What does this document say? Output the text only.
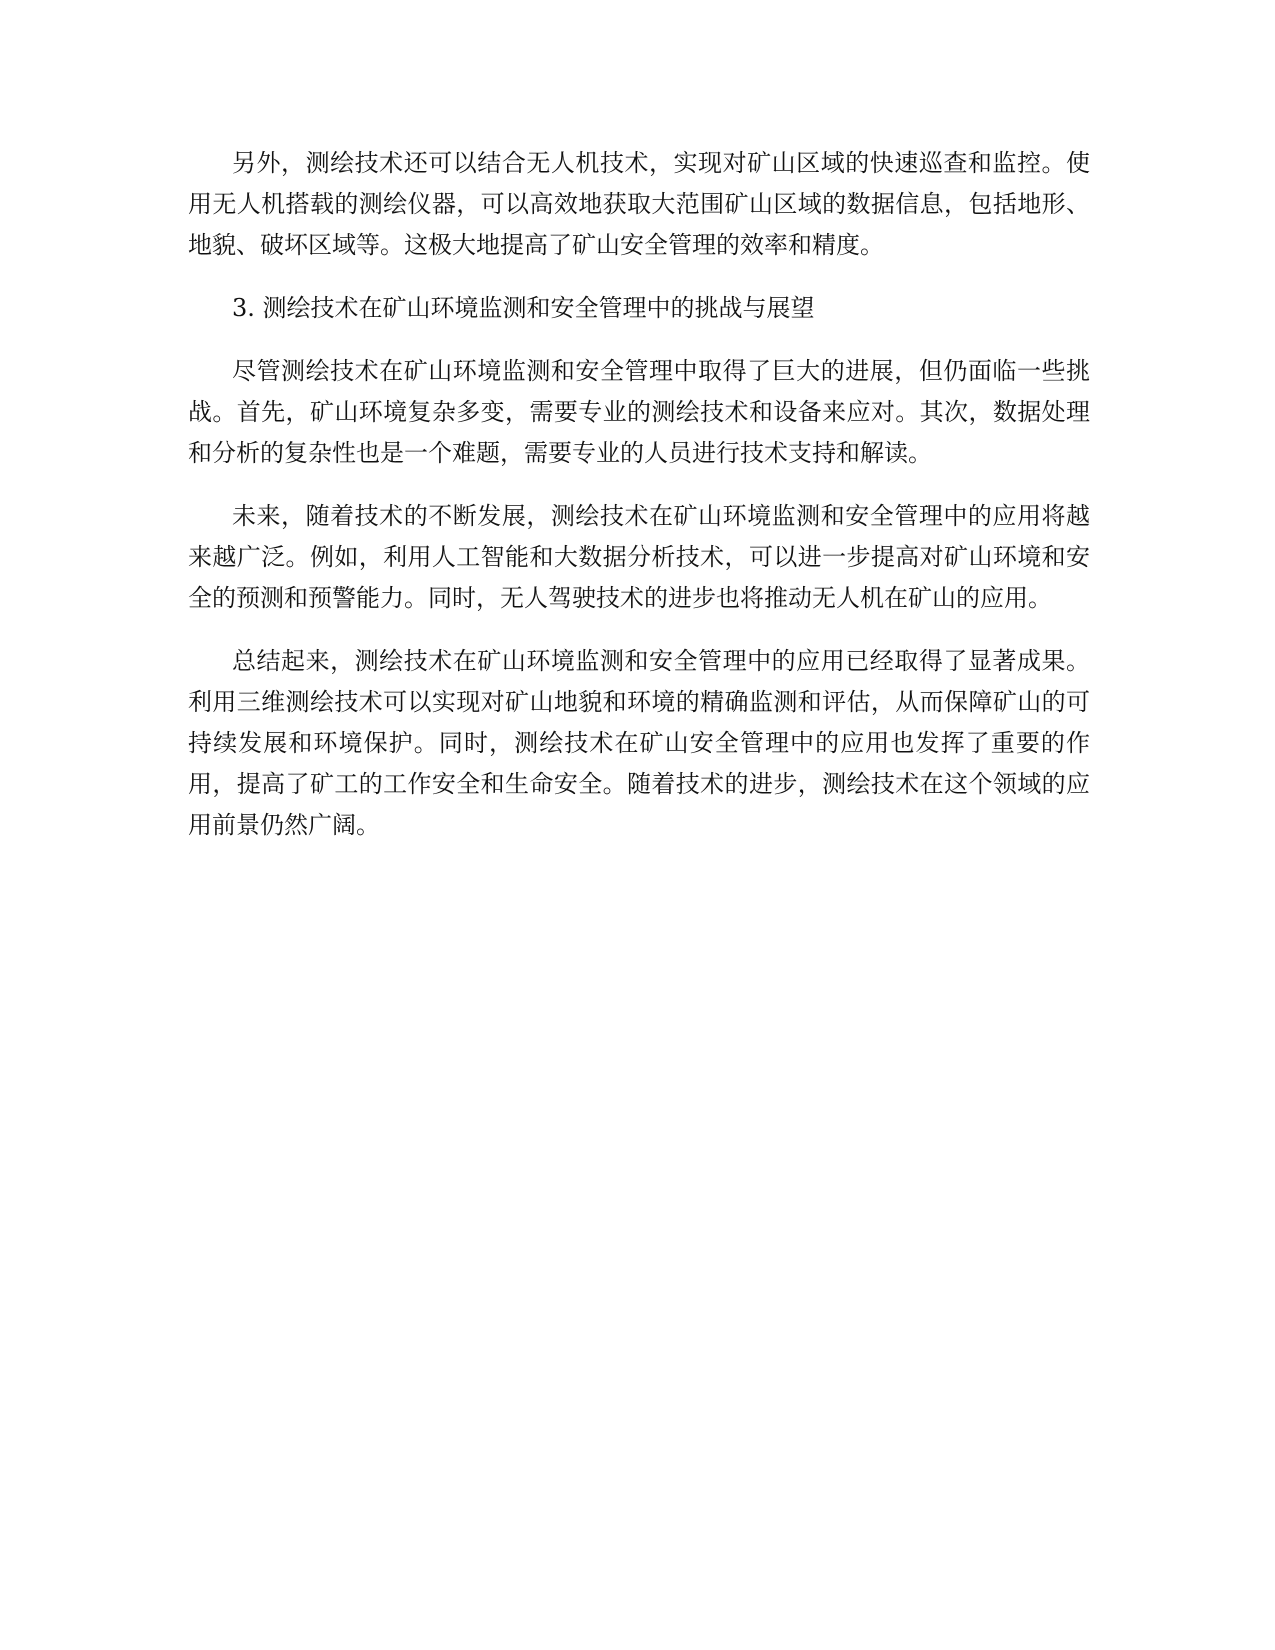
另外，测绘技术还可以结合无人机技术，实现对矿山区域的快速巡查和监控。使用无人机搭载的测绘仪器，可以高效地获取大范围矿山区域的数据信息，包括地形、地貌、破坏区域等。这极大地提高了矿山安全管理的效率和精度。

3. 测绘技术在矿山环境监测和安全管理中的挑战与展望

尽管测绘技术在矿山环境监测和安全管理中取得了巨大的进展，但仍面临一些挑战。首先，矿山环境复杂多变，需要专业的测绘技术和设备来应对。其次，数据处理和分析的复杂性也是一个难题，需要专业的人员进行技术支持和解读。

未来，随着技术的不断发展，测绘技术在矿山环境监测和安全管理中的应用将越来越广泛。例如，利用人工智能和大数据分析技术，可以进一步提高对矿山环境和安全的预测和预警能力。同时，无人驾驶技术的进步也将推动无人机在矿山的应用。

总结起来，测绘技术在矿山环境监测和安全管理中的应用已经取得了显著成果。利用三维测绘技术可以实现对矿山地貌和环境的精确监测和评估，从而保障矿山的可持续发展和环境保护。同时，测绘技术在矿山安全管理中的应用也发挥了重要的作用，提高了矿工的工作安全和生命安全。随着技术的进步，测绘技术在这个领域的应用前景仍然广阔。
